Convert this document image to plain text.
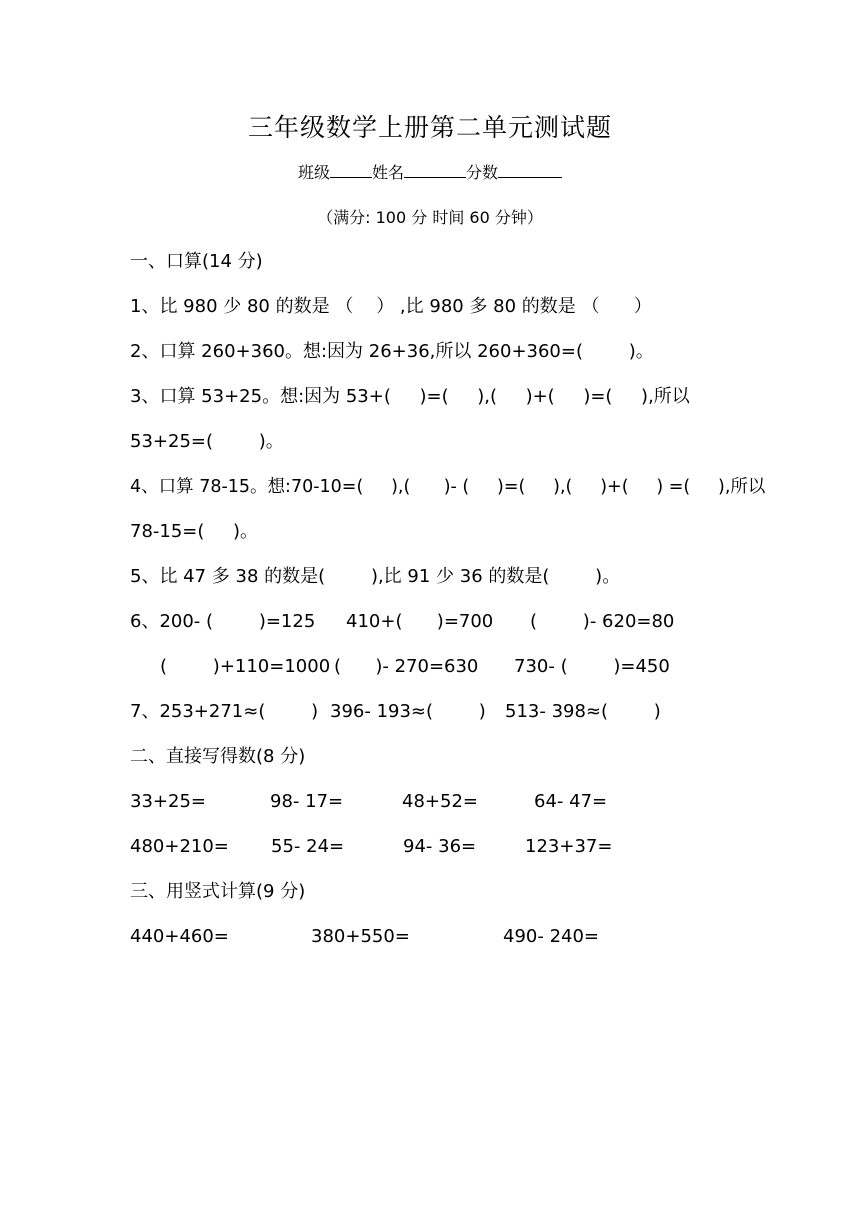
三年级数学上册第二单元测试题
班级	姓名	分数
（满分: 100 分 时间 60 分钟）
一、口算(14 分)
1、比 980 少 80 的数是 （    ） ,比 980 多 80 的数是 （      ）
2、口算 260+360。想:因为 26+36,所以 260+360=(        )。
3、口算 53+25。想:因为 53+(     )=(     ),(     )+(     )=(     ),所以
53+25=(        )。
4、口算 78-15。想:70-10=(     ),(      )- (     )=(     ),(     )+(     ) =(     ),所以
78-15=(     )。
5、比 47 多 38 的数是(        ),比 91 少 36 的数是(        )。
6、200- (        )=125 410+(      )=700 (        )- 620=80
(        )+110=1000 (      )- 270=630 730- (        )=450
7、253+271≈(        ) 396- 193≈(        ) 513- 398≈(        )
二、直接写得数(8 分)
33+25=	98- 17=	48+52=	64- 47=
480+210= 55- 24=	94- 36=	123+37=
三、用竖式计算(9 分)
440+460=	380+550=	490- 240=
